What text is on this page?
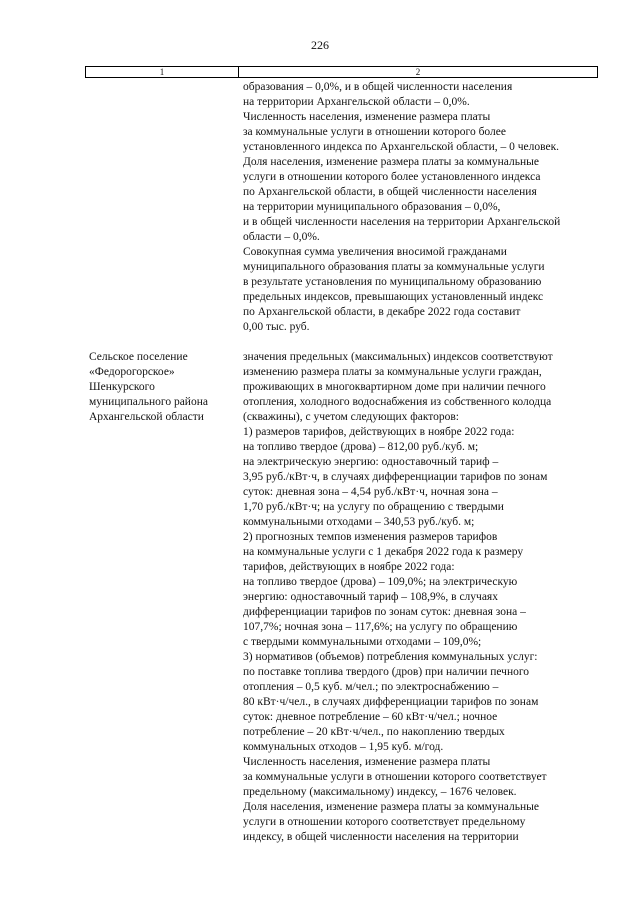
226
1	2
образования – 0,0%, и в общей численности населения
на территории Архангельской области – 0,0%.
Численность населения, изменение размера платы
за коммунальные услуги в отношении которого более
установленного индекса по Архангельской области, – 0 человек.
Доля населения, изменение размера платы за коммунальные
услуги в отношении которого более установленного индекса
по Архангельской области, в общей численности населения
на территории муниципального образования – 0,0%,
и в общей численности населения на территории Архангельской
области – 0,0%.
Совокупная сумма увеличения вносимой гражданами
муниципального образования платы за коммунальные услуги
в результате установления по муниципальному образованию
предельных индексов, превышающих установленный индекс
по Архангельской области, в декабре 2022 года составит
0,00 тыс. руб.
Сельское поселение
«Федорогорское»
Шенкурского
муниципального района
Архангельской области
значения предельных (максимальных) индексов соответствуют
изменению размера платы за коммунальные услуги граждан,
проживающих в многоквартирном доме при наличии печного
отопления, холодного водоснабжения из собственного колодца
(скважины), с учетом следующих факторов:
1) размеров тарифов, действующих в ноябре 2022 года:
на топливо твердое (дрова) – 812,00 руб./куб. м;
на электрическую энергию: одноставочный тариф –
3,95 руб./кВт·ч, в случаях дифференциации тарифов по зонам
суток: дневная зона – 4,54 руб./кВт·ч, ночная зона –
1,70 руб./кВт·ч; на услугу по обращению с твердыми
коммунальными отходами – 340,53 руб./куб. м;
2) прогнозных темпов изменения размеров тарифов
на коммунальные услуги с 1 декабря 2022 года к размеру
тарифов, действующих в ноябре 2022 года:
на топливо твердое (дрова) – 109,0%; на электрическую
энергию: одноставочный тариф – 108,9%, в случаях
дифференциации тарифов по зонам суток: дневная зона –
107,7%; ночная зона – 117,6%; на услугу по обращению
с твердыми коммунальными отходами – 109,0%;
3) нормативов (объемов) потребления коммунальных услуг:
по поставке топлива твердого (дров) при наличии печного
отопления – 0,5 куб. м/чел.; по электроснабжению –
80 кВт·ч/чел., в случаях дифференциации тарифов по зонам
суток: дневное потребление – 60 кВт·ч/чел.; ночное
потребление – 20 кВт·ч/чел., по накоплению твердых
коммунальных отходов – 1,95 куб. м/год.
Численность населения, изменение размера платы
за коммунальные услуги в отношении которого соответствует
предельному (максимальному) индексу, – 1676 человек.
Доля населения, изменение размера платы за коммунальные
услуги в отношении которого соответствует предельному
индексу, в общей численности населения на территории
